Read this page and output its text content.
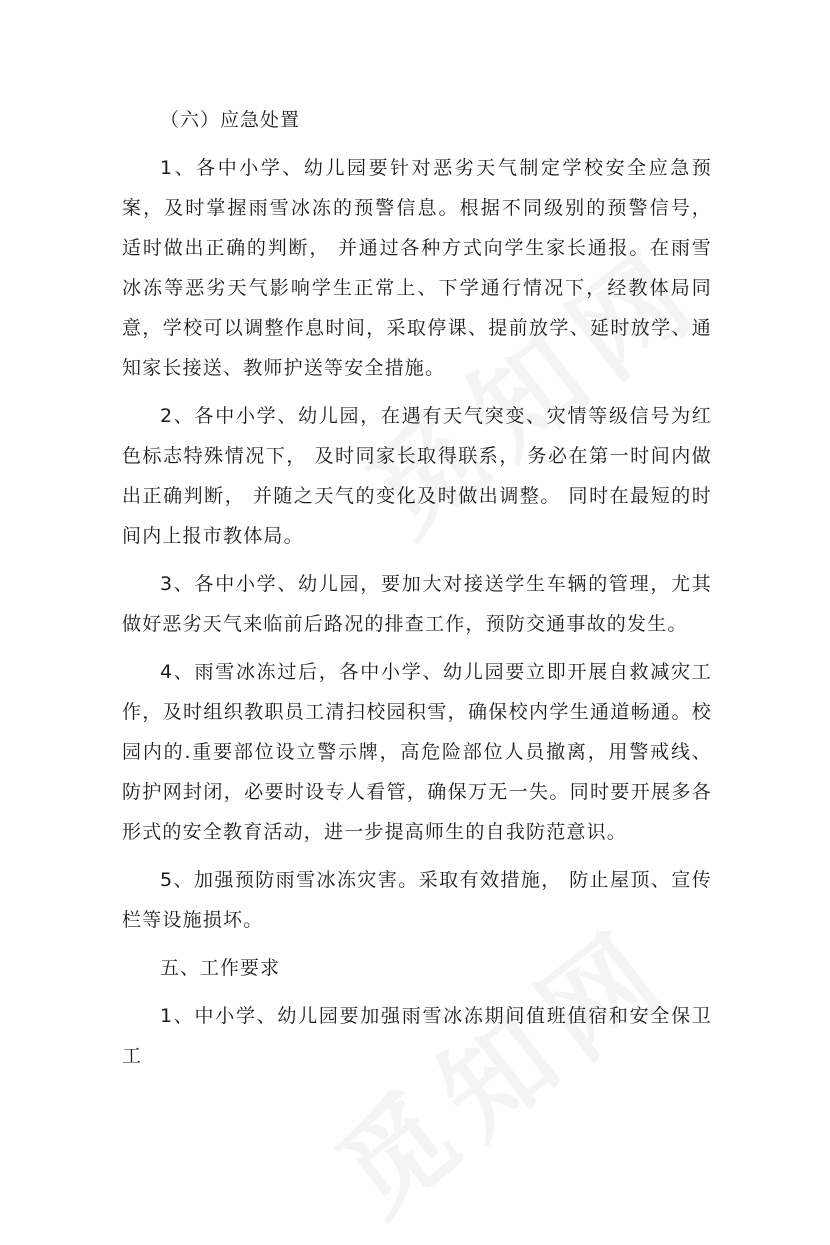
（六）应急处置

1、各中小学、幼儿园要针对恶劣天气制定学校安全应急预案，及时掌握雨雪冰冻的预警信息。根据不同级别的预警信号， 适时做出正确的判断， 并通过各种方式向学生家长通报。在雨雪冰冻等恶劣天气影响学生正常上、下学通行情况下，经教体局同意，学校可以调整作息时间，采取停课、提前放学、延时放学、通知家长接送、教师护送等安全措施。

2、各中小学、幼儿园，在遇有天气突变、灾情等级信号为红色标志特殊情况下， 及时同家长取得联系， 务必在第一时间内做出正确判断， 并随之天气的变化及时做出调整。 同时在最短的时间内上报市教体局。

3、各中小学、幼儿园，要加大对接送学生车辆的管理，尤其做好恶劣天气来临前后路况的排查工作，预防交通事故的发生。

4、雨雪冰冻过后，各中小学、幼儿园要立即开展自救减灾工作，及时组织教职员工清扫校园积雪，确保校内学生通道畅通。校园内的.重要部位设立警示牌，高危险部位人员撤离，用警戒线、防护网封闭，必要时设专人看管，确保万无一失。同时要开展多各形式的安全教育活动，进一步提高师生的自我防范意识。

5、加强预防雨雪冰冻灾害。采取有效措施， 防止屋顶、宣传栏等设施损坏。

五、工作要求

1、中小学、幼儿园要加强雨雪冰冻期间值班值宿和安全保卫工
